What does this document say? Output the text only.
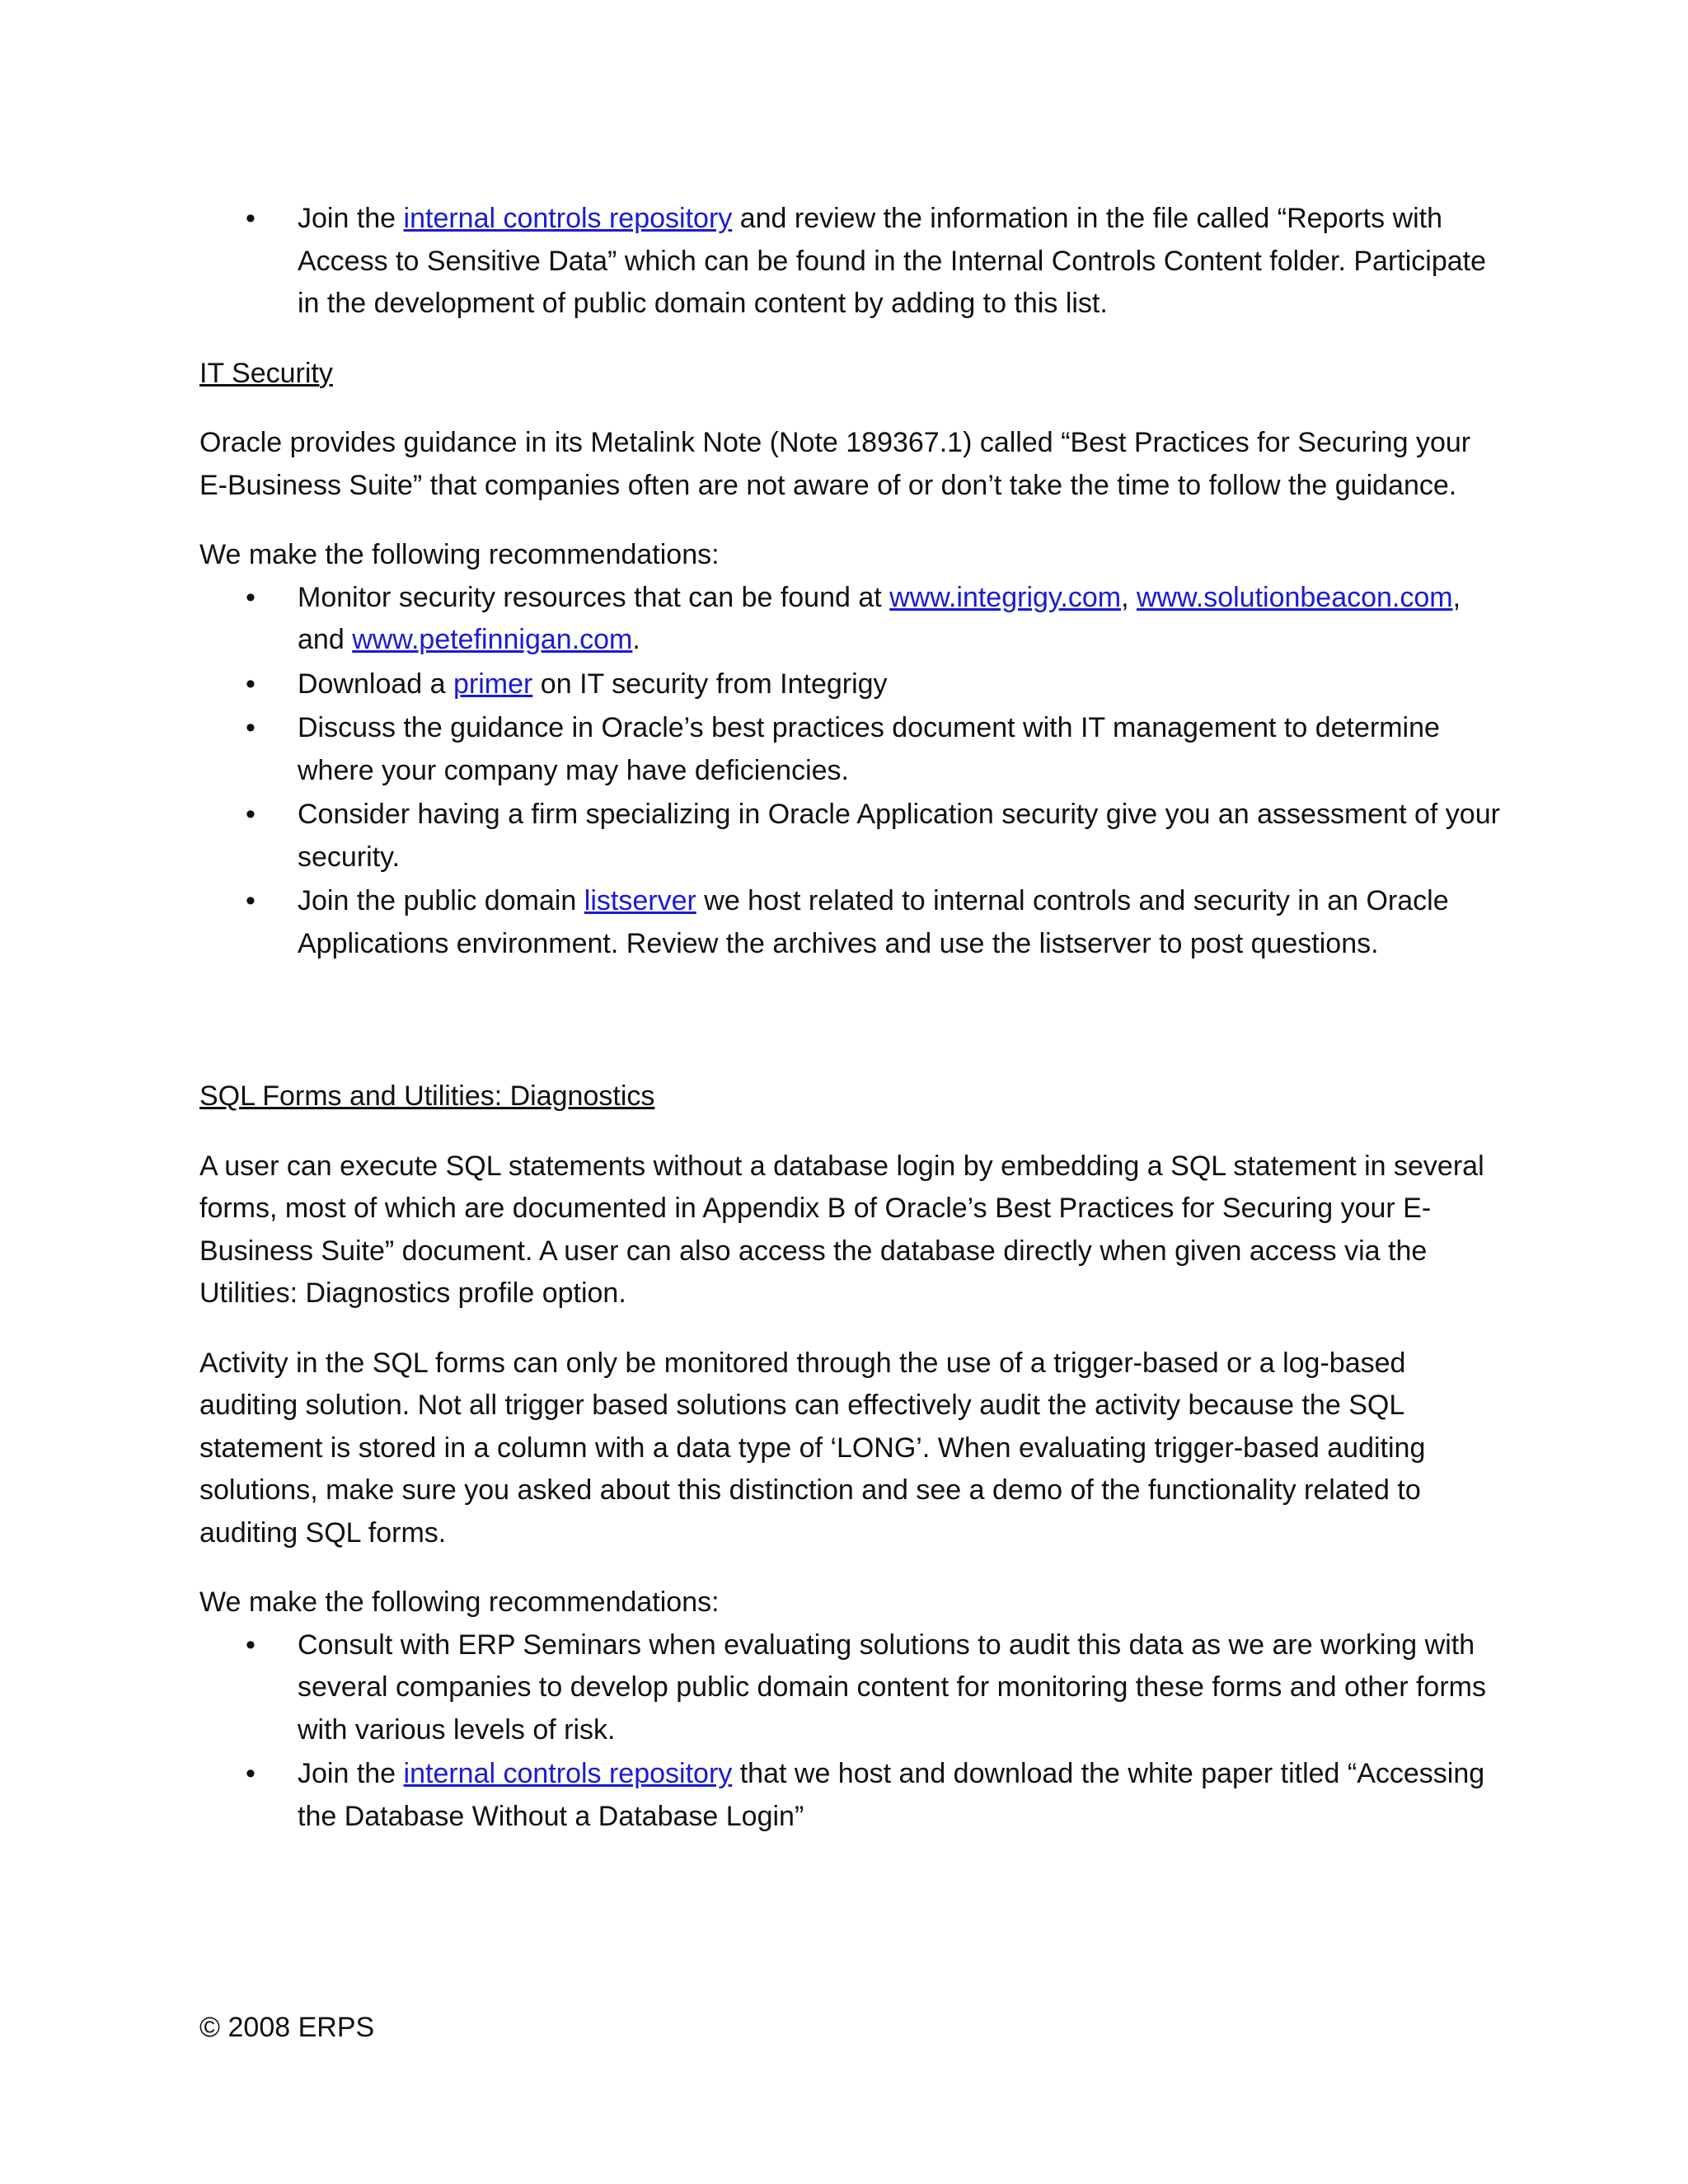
• Join the internal controls repository and review the information in the file called “Reports with Access to Sensitive Data” which can be found in the Internal Controls Content folder. Participate in the development of public domain content by adding to this list.

IT Security

Oracle provides guidance in its Metalink Note (Note 189367.1) called “Best Practices for Securing your E-Business Suite” that companies often are not aware of or don’t take the time to follow the guidance.

We make the following recommendations:

• Monitor security resources that can be found at www.integrigy.com, www.solutionbeacon.com, and www.petefinnigan.com.
• Download a primer on IT security from Integrigy
• Discuss the guidance in Oracle’s best practices document with IT management to determine where your company may have deficiencies.
• Consider having a firm specializing in Oracle Application security give you an assessment of your security.
• Join the public domain listserver we host related to internal controls and security in an Oracle Applications environment. Review the archives and use the listserver to post questions.

SQL Forms and Utilities: Diagnostics

A user can execute SQL statements without a database login by embedding a SQL statement in several forms, most of which are documented in Appendix B of Oracle’s Best Practices for Securing your E-Business Suite” document. A user can also access the database directly when given access via the Utilities: Diagnostics profile option.

Activity in the SQL forms can only be monitored through the use of a trigger-based or a log-based auditing solution. Not all trigger based solutions can effectively audit the activity because the SQL statement is stored in a column with a data type of ‘LONG’. When evaluating trigger-based auditing solutions, make sure you asked about this distinction and see a demo of the functionality related to auditing SQL forms.

We make the following recommendations:

• Consult with ERP Seminars when evaluating solutions to audit this data as we are working with several companies to develop public domain content for monitoring these forms and other forms with various levels of risk.
• Join the internal controls repository that we host and download the white paper titled “Accessing the Database Without a Database Login”
© 2008 ERPS
